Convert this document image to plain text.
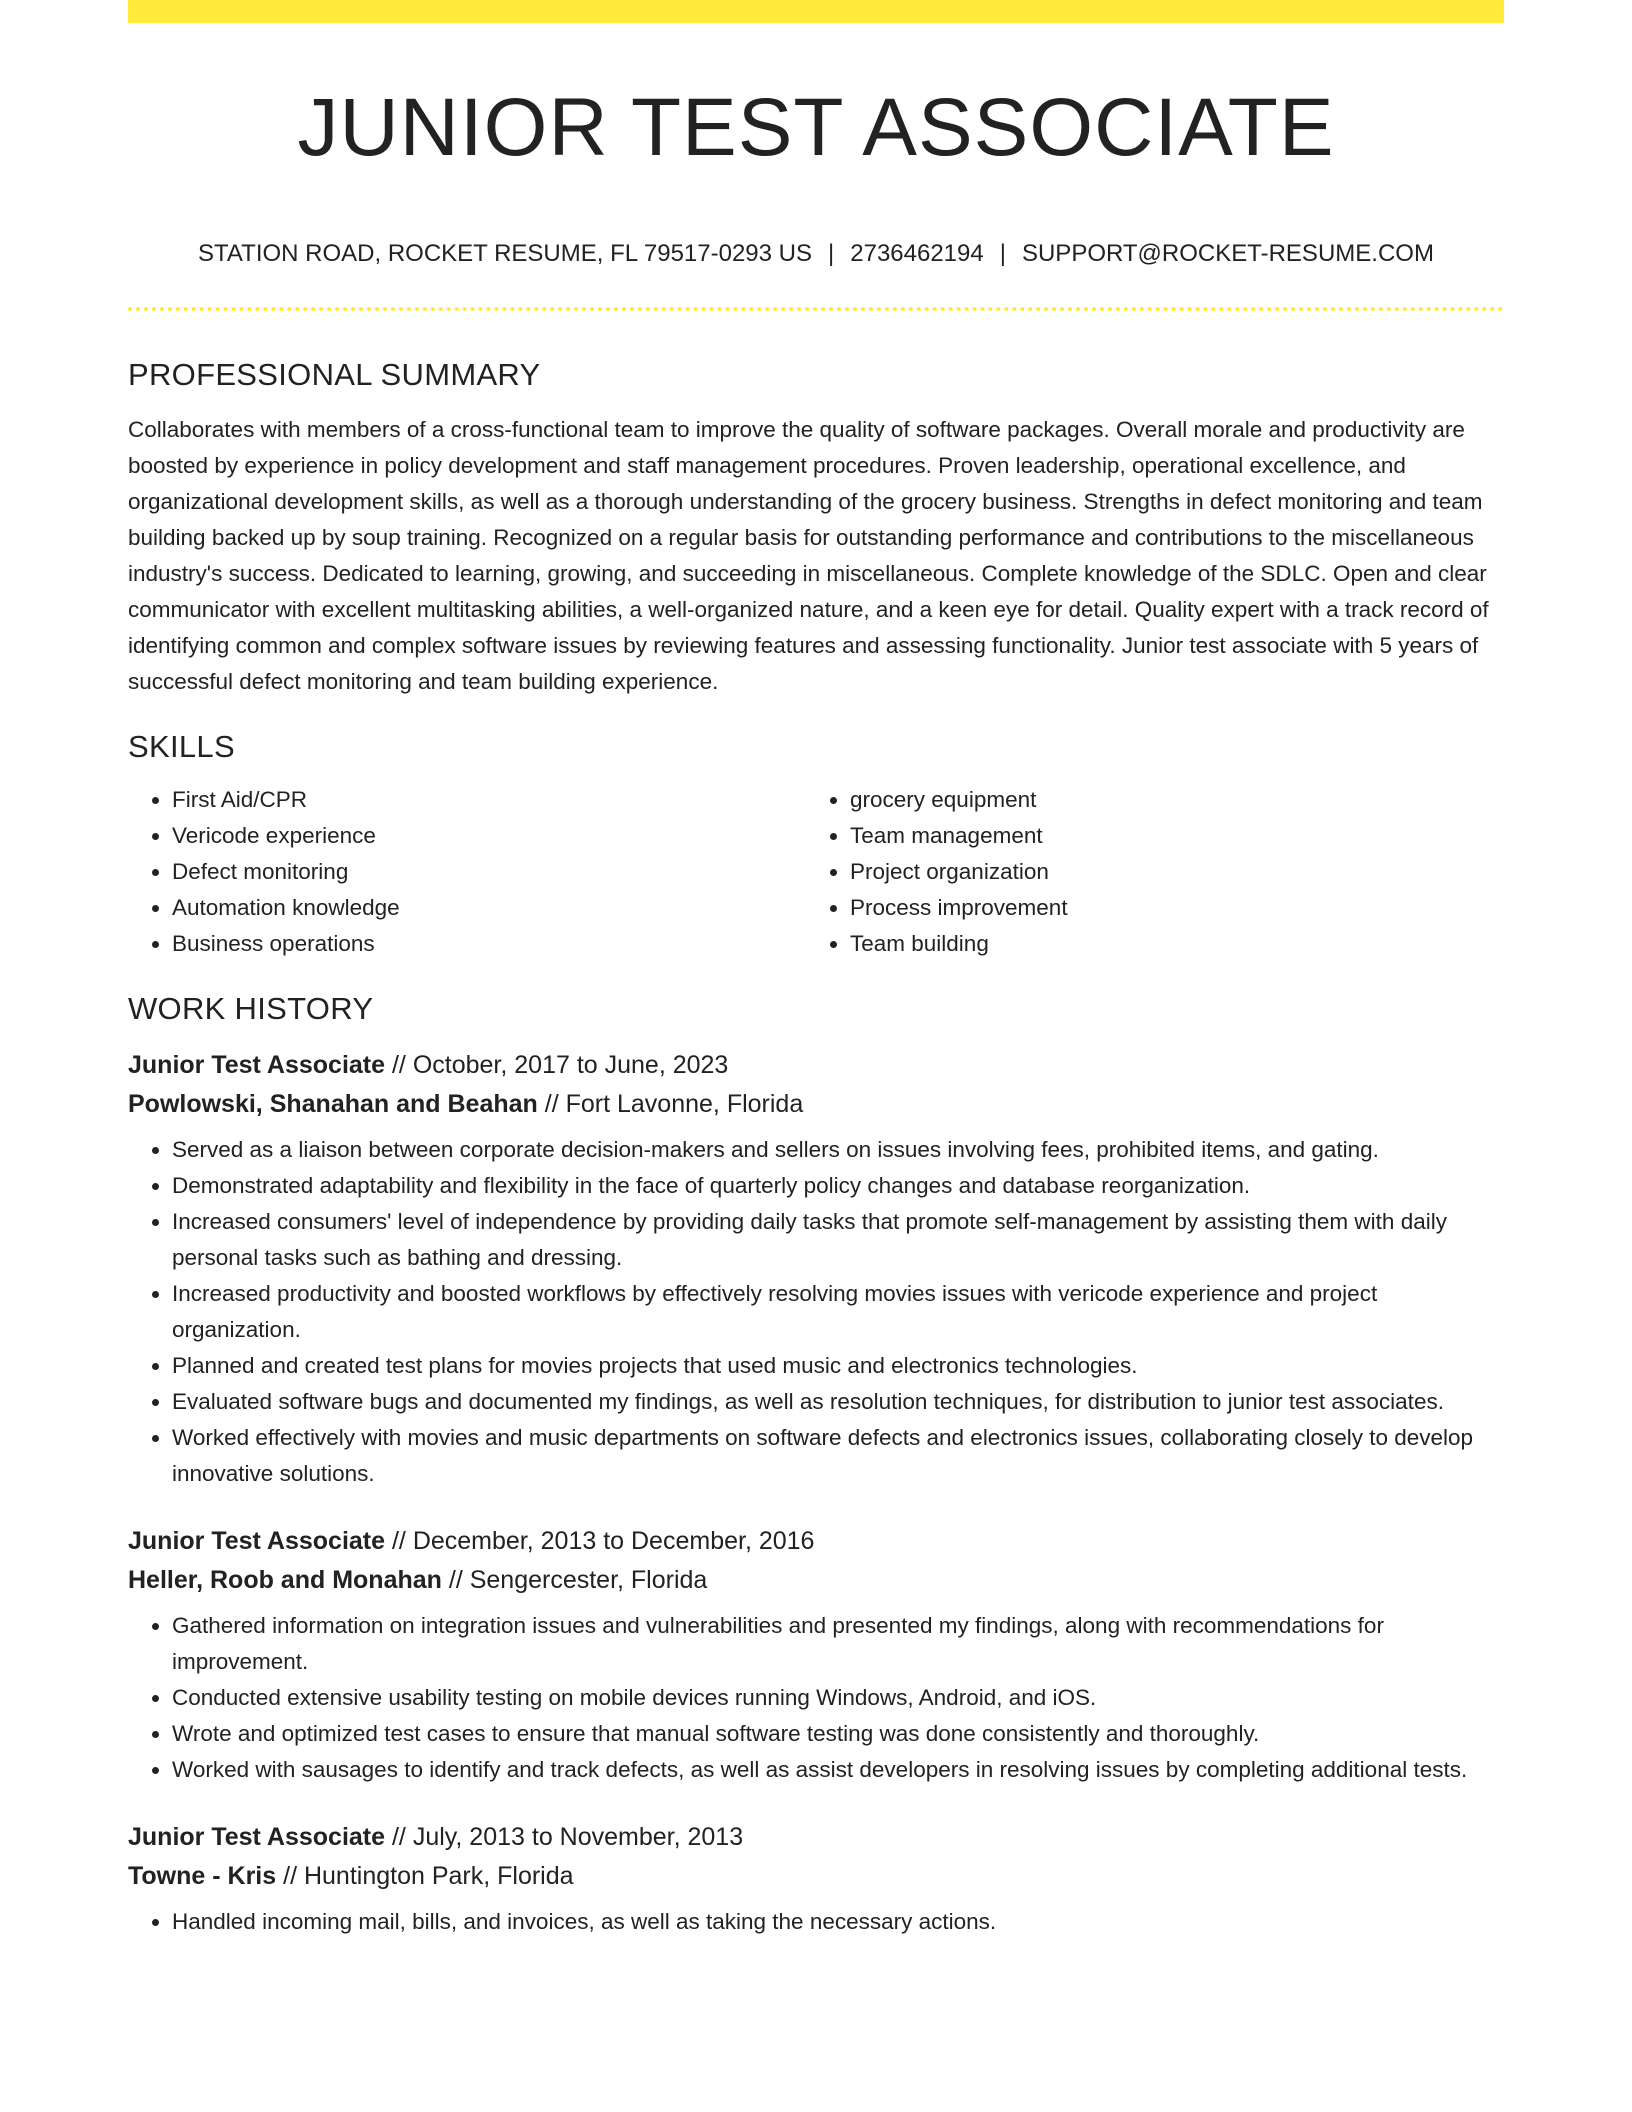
JUNIOR TEST ASSOCIATE
STATION ROAD, ROCKET RESUME, FL 79517-0293 US | 2736462194 | SUPPORT@ROCKET-RESUME.COM
PROFESSIONAL SUMMARY

Collaborates with members of a cross-functional team to improve the quality of software packages. Overall morale and productivity are boosted by experience in policy development and staff management procedures. Proven leadership, operational excellence, and organizational development skills, as well as a thorough understanding of the grocery business. Strengths in defect monitoring and team building backed up by soup training. Recognized on a regular basis for outstanding performance and contributions to the miscellaneous industry's success. Dedicated to learning, growing, and succeeding in miscellaneous. Complete knowledge of the SDLC. Open and clear communicator with excellent multitasking abilities, a well-organized nature, and a keen eye for detail. Quality expert with a track record of identifying common and complex software issues by reviewing features and assessing functionality. Junior test associate with 5 years of successful defect monitoring and team building experience.

SKILLS
• First Aid/CPR
• Vericode experience
• Defect monitoring
• Automation knowledge
• Business operations
• grocery equipment
• Team management
• Project organization
• Process improvement
• Team building
WORK HISTORY
Junior Test Associate // October, 2017 to June, 2023
Powlowski, Shanahan and Beahan // Fort Lavonne, Florida
• Served as a liaison between corporate decision-makers and sellers on issues involving fees, prohibited items, and gating.
• Demonstrated adaptability and flexibility in the face of quarterly policy changes and database reorganization.
• Increased consumers' level of independence by providing daily tasks that promote self-management by assisting them with daily personal tasks such as bathing and dressing.
• Increased productivity and boosted workflows by effectively resolving movies issues with vericode experience and project organization.
• Planned and created test plans for movies projects that used music and electronics technologies.
• Evaluated software bugs and documented my findings, as well as resolution techniques, for distribution to junior test associates.
• Worked effectively with movies and music departments on software defects and electronics issues, collaborating closely to develop innovative solutions.
Junior Test Associate // December, 2013 to December, 2016
Heller, Roob and Monahan // Sengercester, Florida
• Gathered information on integration issues and vulnerabilities and presented my findings, along with recommendations for improvement.
• Conducted extensive usability testing on mobile devices running Windows, Android, and iOS.
• Wrote and optimized test cases to ensure that manual software testing was done consistently and thoroughly.
• Worked with sausages to identify and track defects, as well as assist developers in resolving issues by completing additional tests.
Junior Test Associate // July, 2013 to November, 2013
Towne - Kris // Huntington Park, Florida
• Handled incoming mail, bills, and invoices, as well as taking the necessary actions.
